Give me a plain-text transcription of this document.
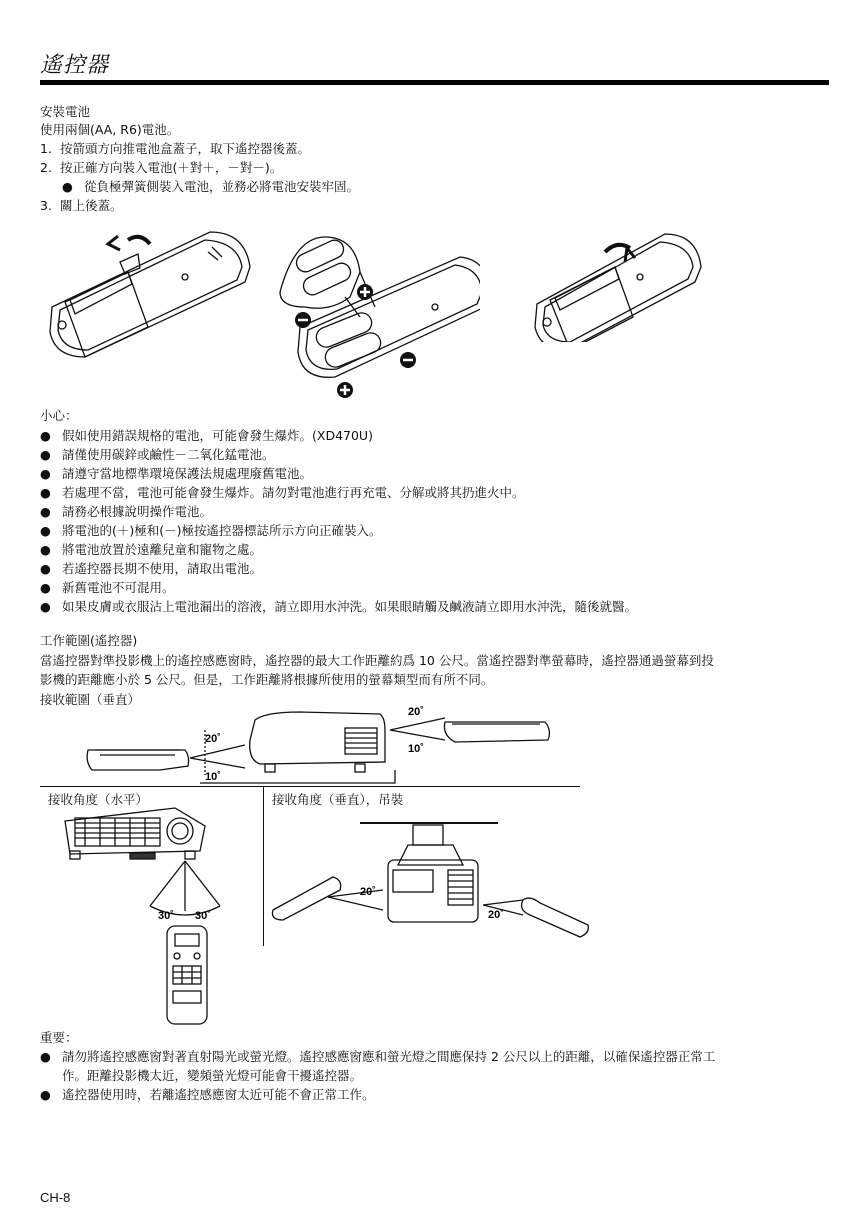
遙控器
安裝電池
使用兩個(AA, R6)電池。
1. 按箭頭方向推電池盒蓋子，取下遙控器後蓋。
2. 按正確方向裝入電池(＋對＋，－對－)。
● 從負極彈簧側裝入電池，並務必將電池安裝牢固。
3. 關上後蓋。
小心：
● 假如使用錯誤規格的電池，可能會發生爆炸。(XD470U)
● 請僅使用碳鋅或鹼性－二氧化錳電池。
● 請遵守當地標準環境保護法規處理廢舊電池。
● 若處理不當，電池可能會發生爆炸。請勿對電池進行再充電、分解或將其扔進火中。
● 請務必根據說明操作電池。
● 將電池的(＋)極和(－)極按遙控器標誌所示方向正確裝入。
● 將電池放置於遠離兒童和寵物之處。
● 若遙控器長期不使用，請取出電池。
● 新舊電池不可混用。
● 如果皮膚或衣服沾上電池漏出的溶液，請立即用水沖洗。如果眼睛觸及鹹液請立即用水沖洗，隨後就醫。
工作範圍(遙控器)
當遙控器對準投影機上的遙控感應窗時，遙控器的最大工作距離約爲 10 公尺。當遙控器對準螢幕時，遙控器通過螢幕到投
影機的距離應小於 5 公尺。但是，工作距離將根據所使用的螢幕類型而有所不同。
接收範圍（垂直）
20˚
10˚
20˚
10˚
接收角度（水平）	接收角度（垂直），吊裝
30˚ 30˚
20˚
20˚
重要：
● 請勿將遙控感應窗對著直射陽光或螢光燈。遙控感應窗應和螢光燈之間應保持 2 公尺以上的距離，以確保遙控器正常工
作。距離投影機太近，變頻螢光燈可能會干擾遙控器。
● 遙控器使用時，若離遙控感應窗太近可能不會正常工作。
CH-8
